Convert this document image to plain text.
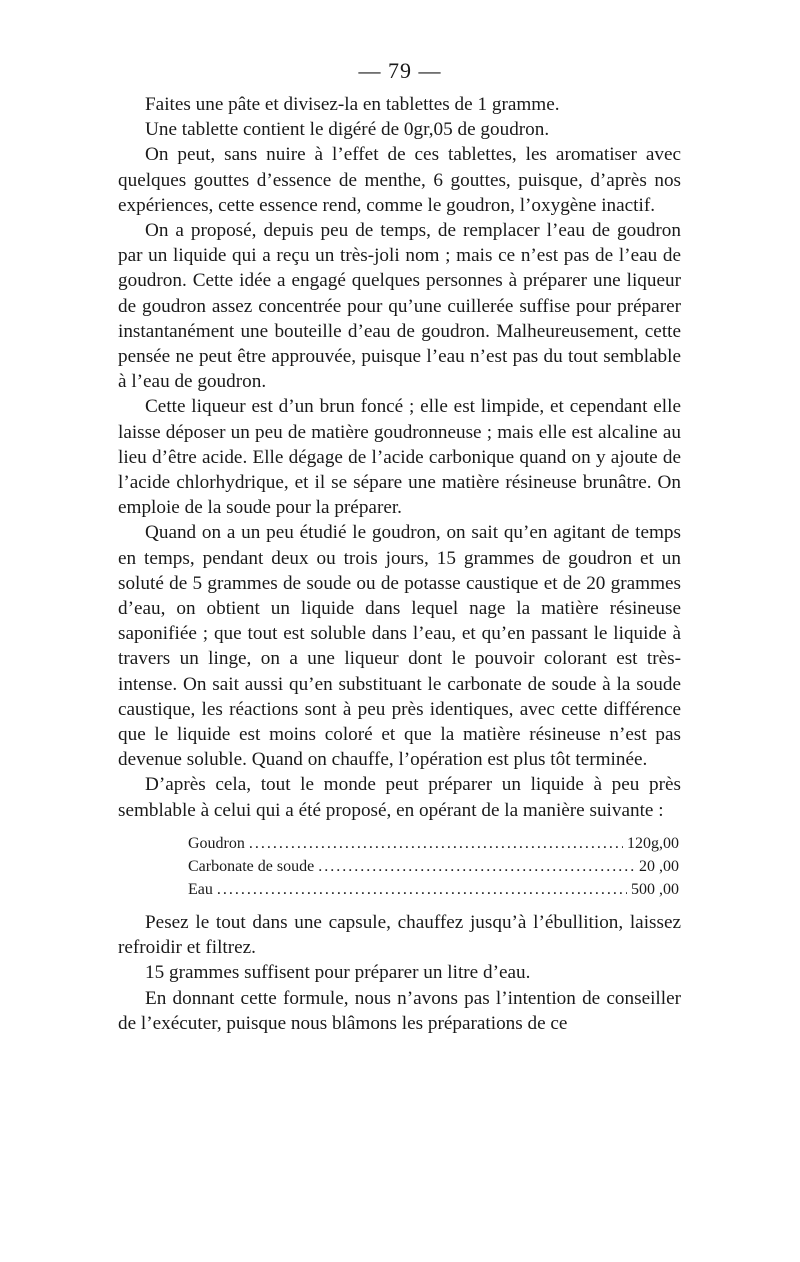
— 79 —

Faites une pâte et divisez-la en tablettes de 1 gramme.

Une tablette contient le digéré de 0gr,05 de goudron.

On peut, sans nuire à l’effet de ces tablettes, les aromatiser avec quelques gouttes d’essence de menthe, 6 gouttes, puisque, d’après nos expériences, cette essence rend, comme le goudron, l’oxygène inactif.

On a proposé, depuis peu de temps, de remplacer l’eau de goudron par un liquide qui a reçu un très-joli nom ; mais ce n’est pas de l’eau de goudron. Cette idée a engagé quelques personnes à préparer une liqueur de goudron assez concentrée pour qu’une cuillerée suffise pour préparer instantanément une bouteille d’eau de goudron. Malheureusement, cette pensée ne peut être approuvée, puisque l’eau n’est pas du tout semblable à l’eau de goudron.

Cette liqueur est d’un brun foncé ; elle est limpide, et cependant elle laisse déposer un peu de matière goudronneuse ; mais elle est alcaline au lieu d’être acide. Elle dégage de l’acide carbonique quand on y ajoute de l’acide chlorhydrique, et il se sépare une matière résineuse brunâtre. On emploie de la soude pour la préparer.

Quand on a un peu étudié le goudron, on sait qu’en agitant de temps en temps, pendant deux ou trois jours, 15 grammes de goudron et un soluté de 5 grammes de soude ou de potasse caustique et de 20 grammes d’eau, on obtient un liquide dans lequel nage la matière résineuse saponifiée ; que tout est soluble dans l’eau, et qu’en passant le liquide à travers un linge, on a une liqueur dont le pouvoir colorant est très-intense. On sait aussi qu’en substituant le carbonate de soude à la soude caustique, les réactions sont à peu près identiques, avec cette différence que le liquide est moins coloré et que la matière résineuse n’est pas devenue soluble. Quand on chauffe, l’opération est plus tôt terminée.

D’après cela, tout le monde peut préparer un liquide à peu près semblable à celui qui a été proposé, en opérant de la manière suivante :

Goudron .....	120g,00
Carbonate de soude .....	20 ,00
Eau .....	500 ,00

Pesez le tout dans une capsule, chauffez jusqu’à l’ébullition, laissez refroidir et filtrez.

15 grammes suffisent pour préparer un litre d’eau.

En donnant cette formule, nous n’avons pas l’intention de conseiller de l’exécuter, puisque nous blâmons les préparations de ce
